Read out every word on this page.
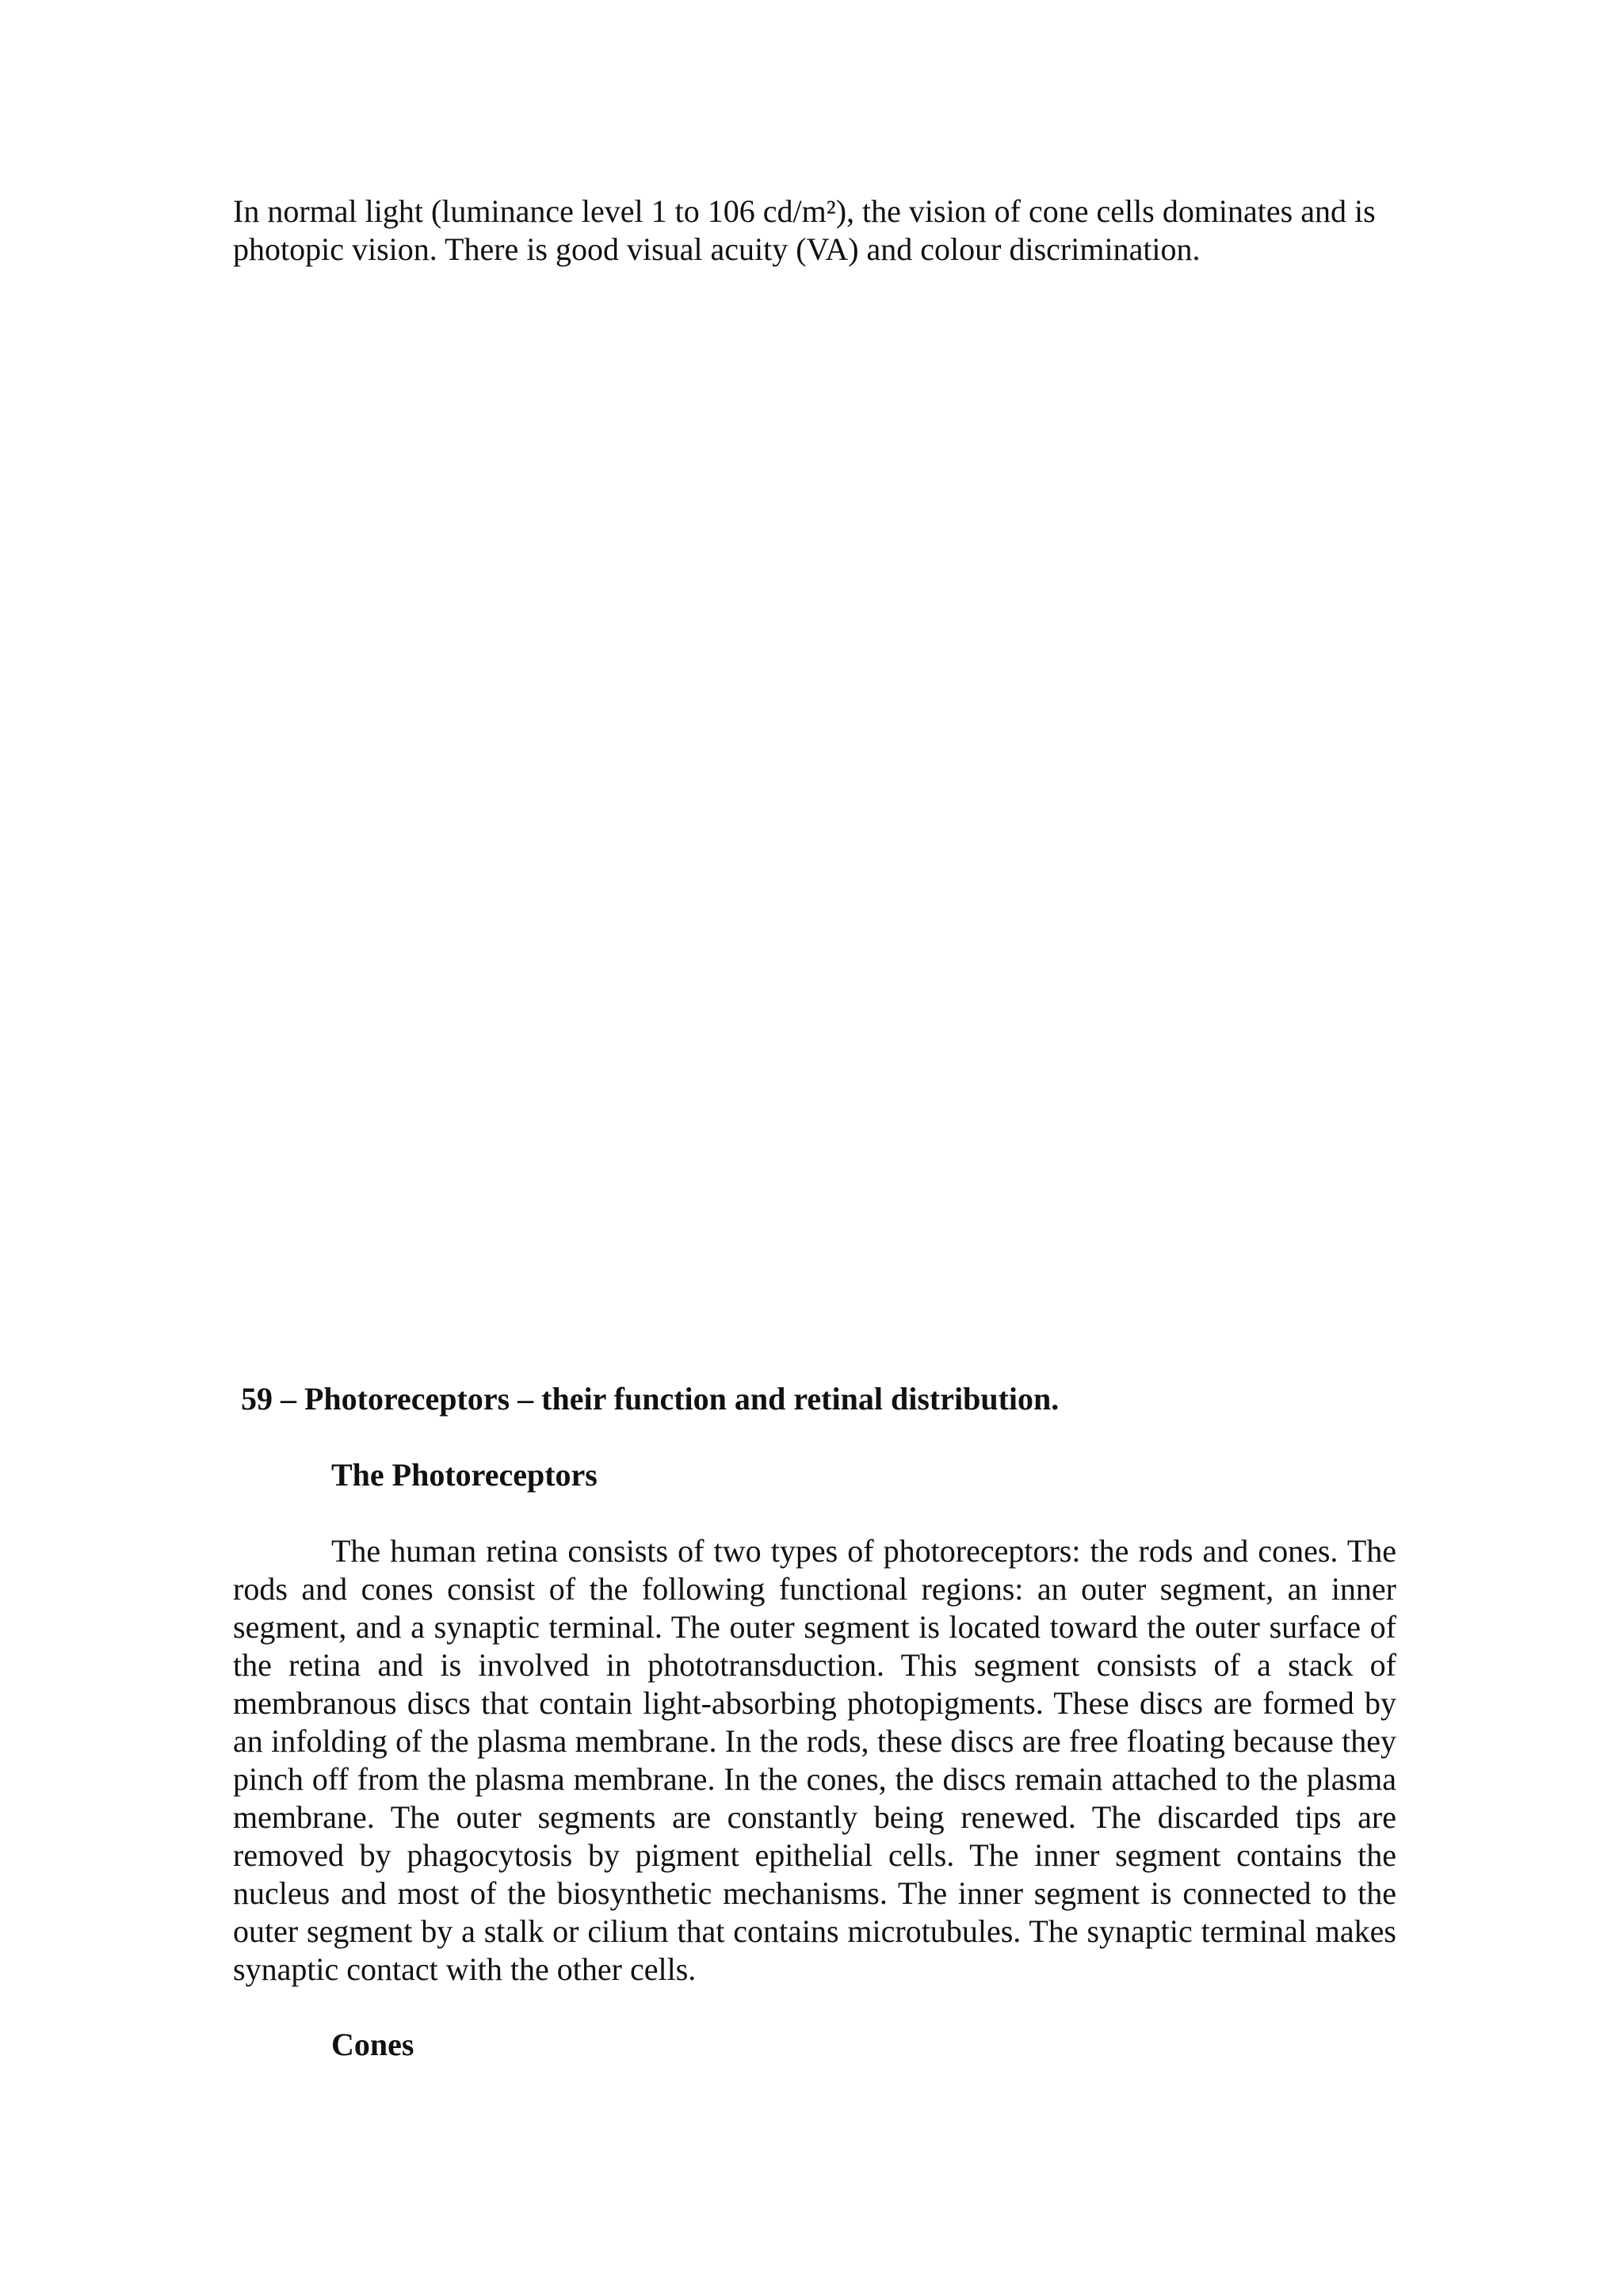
In normal light (luminance level 1 to 106 cd/m²), the vision of cone cells dominates and is photopic vision. There is good visual acuity (VA) and colour discrimination.

59 – Photoreceptors – their function and retinal distribution.
The Photoreceptors

The human retina consists of two types of photoreceptors: the rods and cones. The rods and cones consist of the following functional regions: an outer segment, an inner segment, and a synaptic terminal. The outer segment is located toward the outer surface of the retina and is involved in phototransduction. This segment consists of a stack of membranous discs that contain light-absorbing photopigments. These discs are formed by an infolding of the plasma membrane. In the rods, these discs are free floating because they pinch off from the plasma membrane. In the cones, the discs remain attached to the plasma membrane. The outer segments are constantly being renewed. The discarded tips are removed by phagocytosis by pigment epithelial cells. The inner segment contains the nucleus and most of the biosynthetic mechanisms. The inner segment is connected to the outer segment by a stalk or cilium that contains microtubules. The synaptic terminal makes synaptic contact with the other cells.

Cones
